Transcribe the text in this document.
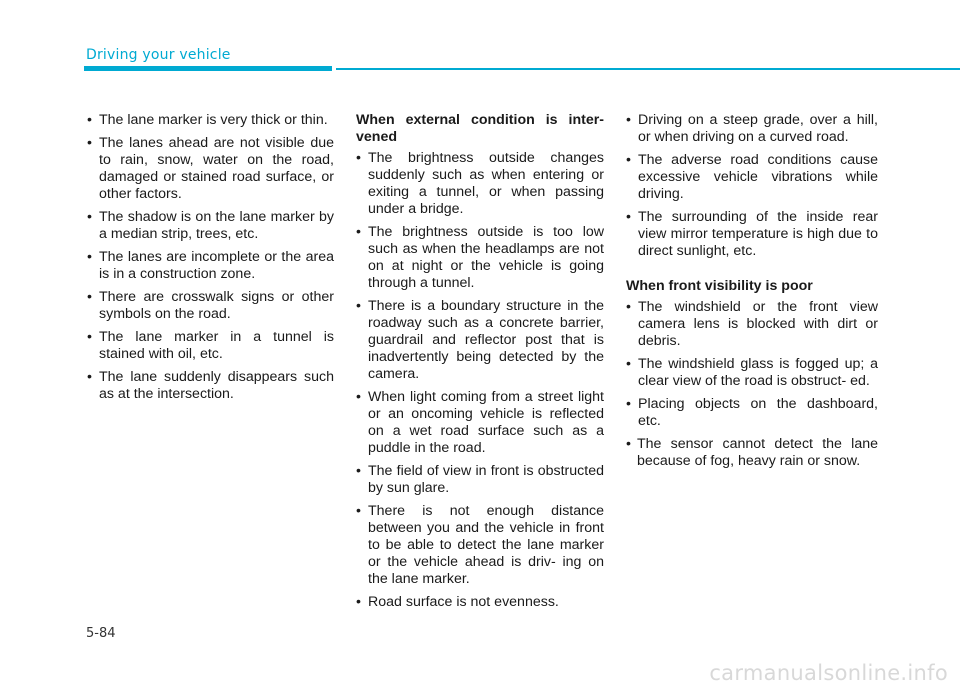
Driving your vehicle
• The lane marker is very thick or thin.
• The lanes ahead are not visible due to rain, snow, water on the road, damaged or stained road surface, or other factors.
• The shadow is on the lane marker by a median strip, trees, etc.
• The lanes are incomplete or the area is in a construction zone.
• There are crosswalk signs or other symbols on the road.
• The lane marker in a tunnel is stained with oil, etc.
• The lane suddenly disappears such as at the intersection.
When external condition is inter- vened
• The brightness outside changes suddenly such as when entering or exiting a tunnel, or when passing under a bridge.
• The brightness outside is too low such as when the headlamps are not on at night or the vehicle is going through a tunnel.
• There is a boundary structure in the roadway such as a concrete barrier, guardrail and reflector post that is inadvertently being detected by the camera.
• When light coming from a street light or an oncoming vehicle is reflected on a wet road surface such as a puddle in the road.
• The field of view in front is obstructed by sun glare.
• There is not enough distance between you and the vehicle in front to be able to detect the lane marker or the vehicle ahead is driv- ing on the lane marker.
• Road surface is not evenness.
• Driving on a steep grade, over a hill, or when driving on a curved road.
• The adverse road conditions cause excessive vehicle vibrations while driving.
• The surrounding of the inside rear view mirror temperature is high due to direct sunlight, etc.
When front visibility is poor
• The windshield or the front view camera lens is blocked with dirt or debris.
• The windshield glass is fogged up; a clear view of the road is obstruct- ed.
• Placing objects on the dashboard, etc.
• The sensor cannot detect the lane because of fog, heavy rain or snow.
5-84
carmanualsonline.info
